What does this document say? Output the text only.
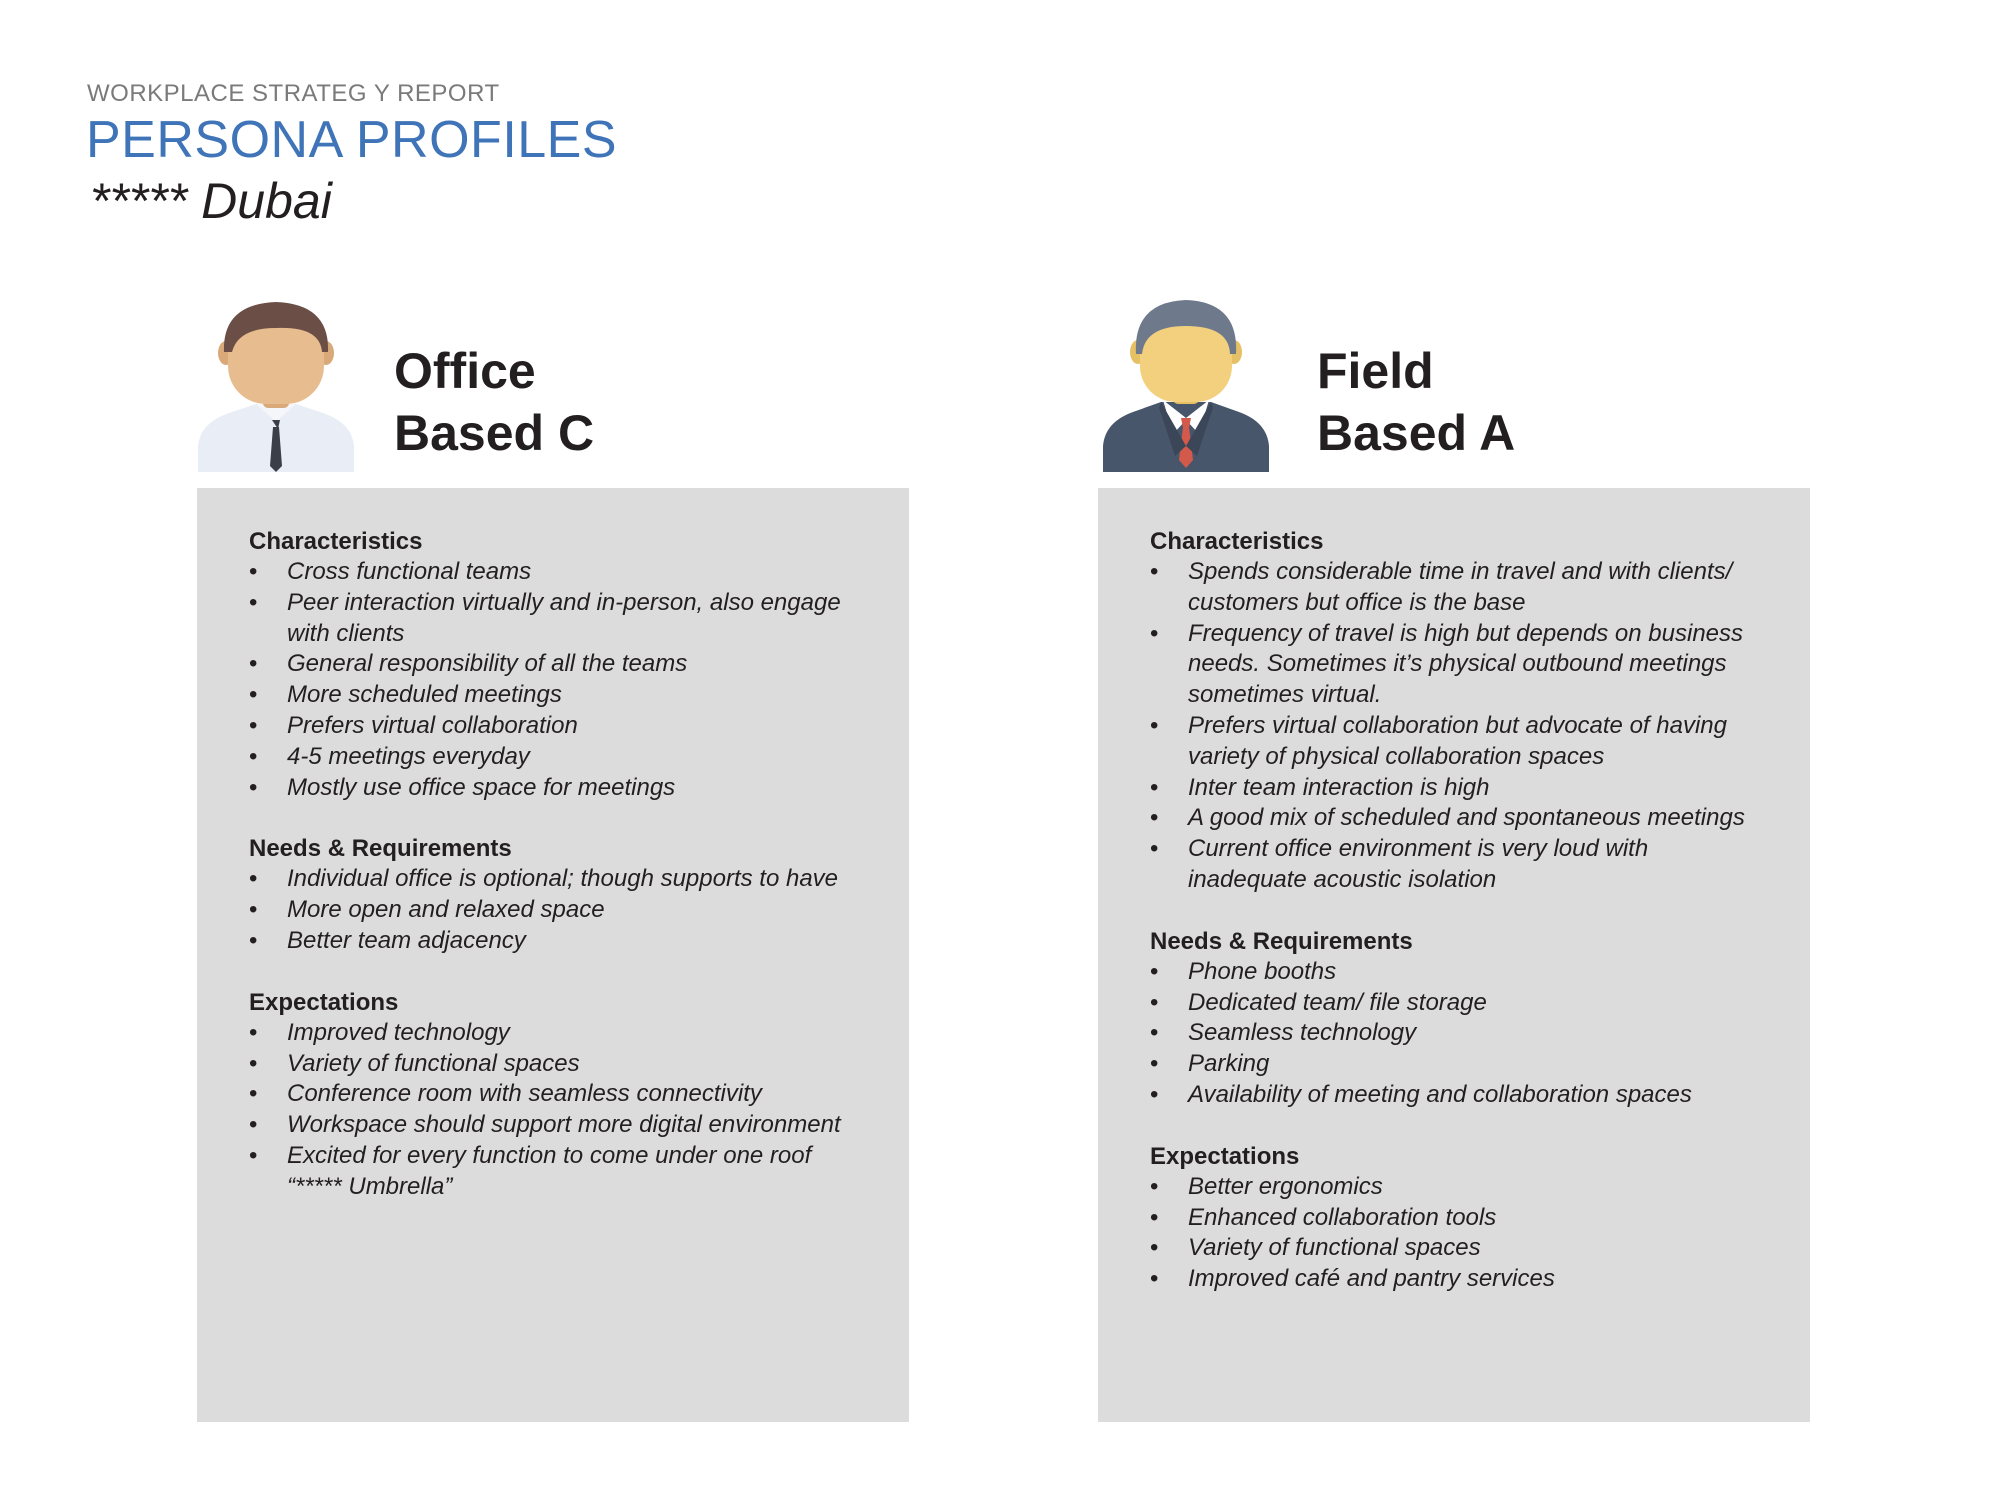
WORKPLACE STRATEG Y REPORT
PERSONA PROFILES
***** Dubai
Office
Based C
Field
Based A
Characteristics
• Cross functional teams
• Peer interaction virtually and in-person, also engage with clients
• General responsibility of all the teams
• More scheduled meetings
• Prefers virtual collaboration
• 4-5 meetings everyday
• Mostly use office space for meetings
Needs & Requirements
• Individual office is optional; though supports to have
• More open and relaxed space
• Better team adjacency
Expectations
• Improved technology
• Variety of functional spaces
• Conference room with seamless connectivity
• Workspace should support more digital environment
• Excited for every function to come under one roof “***** Umbrella”
Characteristics
• Spends considerable time in travel and with clients/ customers but office is the base
• Frequency of travel is high but depends on business needs. Sometimes it’s physical outbound meetings sometimes virtual.
• Prefers virtual collaboration but advocate of having variety of physical collaboration spaces
• Inter team interaction is high
• A good mix of scheduled and spontaneous meetings
• Current office environment is very loud with inadequate acoustic isolation
Needs & Requirements
• Phone booths
• Dedicated team/ file storage
• Seamless technology
• Parking
• Availability of meeting and collaboration spaces
Expectations
• Better ergonomics
• Enhanced collaboration tools
• Variety of functional spaces
• Improved café and pantry services
